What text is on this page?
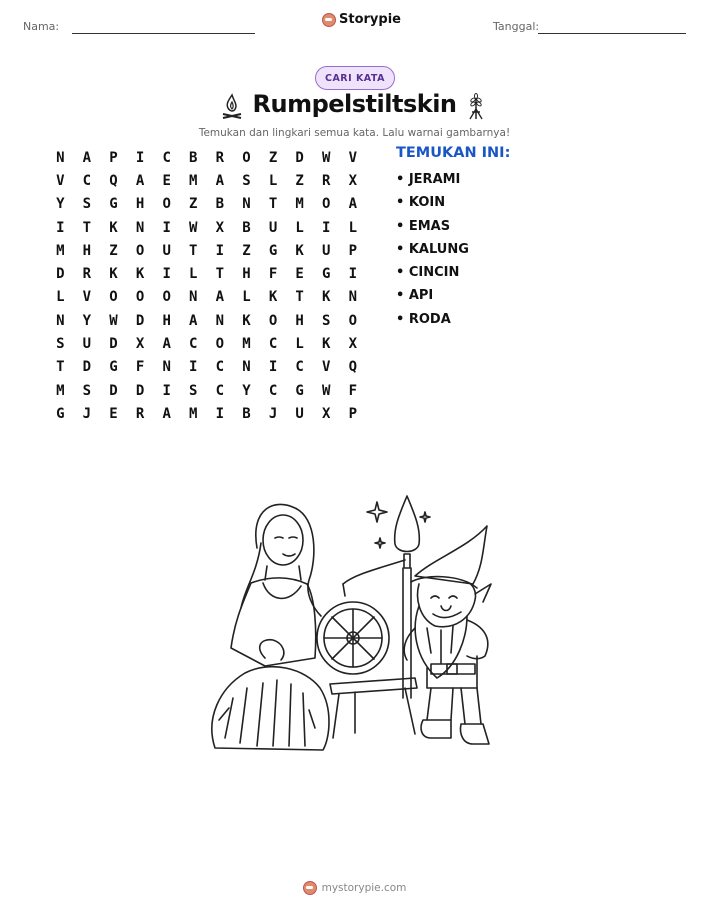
Nama:	Storypie	Tanggal:
CARI KATA
Rumpelstiltskin
Temukan dan lingkari semua kata. Lalu warnai gambarnya!
N	A	P	I	C	B	R	O	Z	D	W	V
V	C	Q	A	E	M	A	S	L	Z	R	X
Y	S	G	H	O	Z	B	N	T	M	O	A
I	T	K	N	I	W	X	B	U	L	I	L
M	H	Z	O	U	T	I	Z	G	K	U	P
D	R	K	K	I	L	T	H	F	E	G	I
L	V	O	O	O	N	A	L	K	T	K	N
N	Y	W	D	H	A	N	K	O	H	S	O
S	U	D	X	A	C	O	M	C	L	K	X
T	D	G	F	N	I	C	N	I	C	V	Q
M	S	D	D	I	S	C	Y	C	G	W	F
G	J	E	R	A	M	I	B	J	U	X	P
TEMUKAN INI:
• JERAMI
• KOIN
• EMAS
• KALUNG
• CINCIN
• API
• RODA
mystorypie.com
